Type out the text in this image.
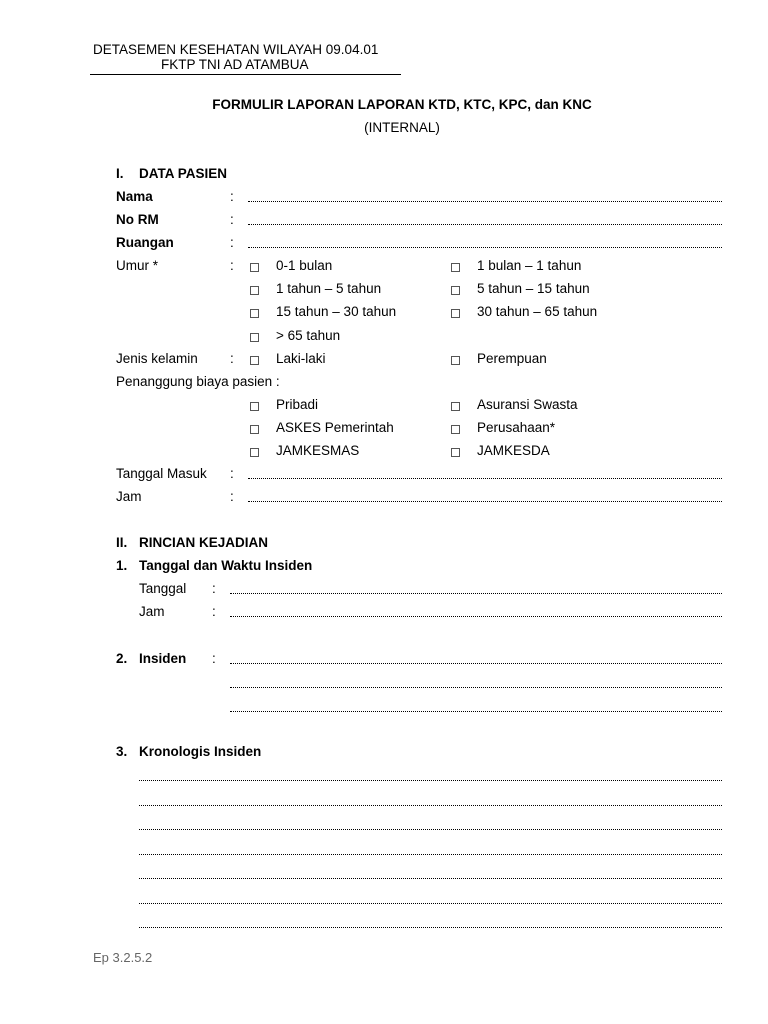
DETASEMEN KESEHATAN WILAYAH 09.04.01
FKTP TNI AD ATAMBUA
FORMULIR LAPORAN LAPORAN KTD, KTC, KPC, dan KNC
(INTERNAL)
I. DATA PASIEN
Nama	:
No RM	:
Ruangan	:
Umur *	:	0-1 bulan	1 bulan – 1 tahun
1 tahun – 5 tahun	5 tahun – 15 tahun
15 tahun – 30 tahun	30 tahun – 65 tahun
> 65 tahun
Jenis kelamin :	Laki-laki	Perempuan
Penanggung biaya pasien :
Pribadi	Asuransi Swasta
ASKES Pemerintah	Perusahaan*
JAMKESMAS	JAMKESDA
Tanggal Masuk :
Jam	:
II. RINCIAN KEJADIAN
1. Tanggal dan Waktu Insiden
Tanggal :
Jam	:
2. Insiden :
3. Kronologis Insiden
Ep 3.2.5.2
